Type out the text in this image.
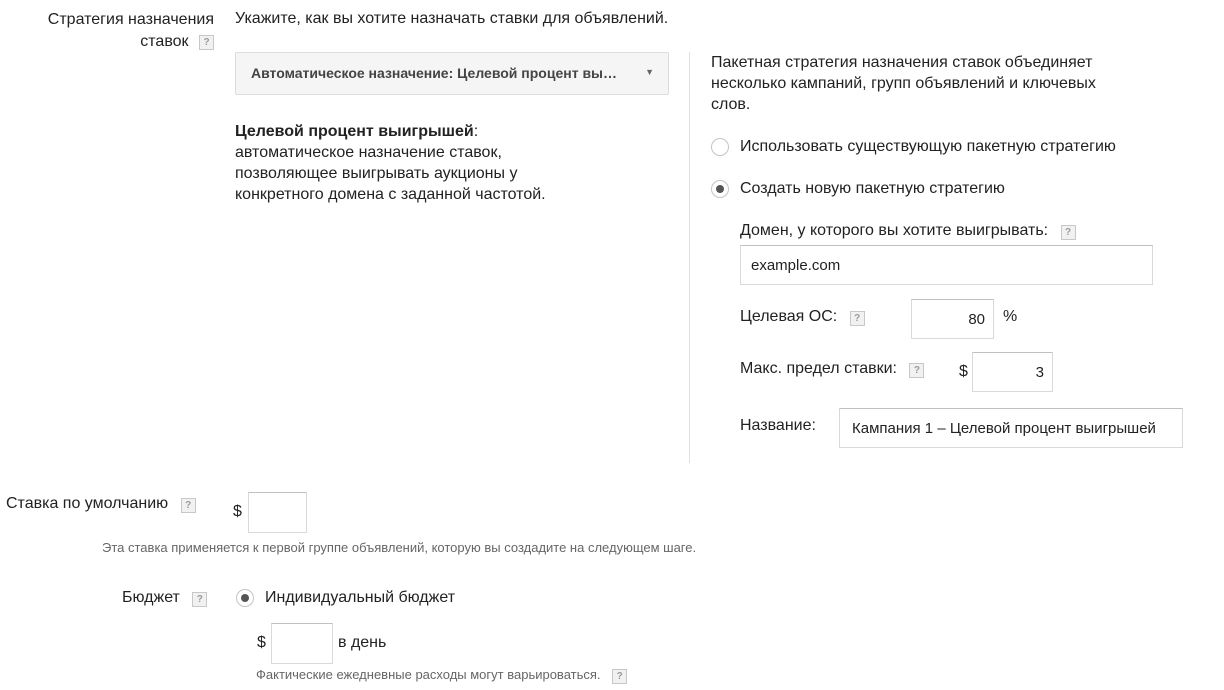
Стратегия назначения
ставок ?
Укажите, как вы хотите назначать ставки для объявлений.
Автоматическое назначение: Целевой процент вы…	▼
Целевой процент выигрышей:
автоматическое назначение ставок,
позволяющее выигрывать аукционы у
конкретного домена с заданной частотой.
Пакетная стратегия назначения ставок объединяет
несколько кампаний, групп объявлений и ключевых
слов.
Использовать существующую пакетную стратегию
Создать новую пакетную стратегию
Домен, у которого вы хотите выигрывать: ?
example.com
Целевая ОС: ?
80	%
Макс. предел ставки: ? $
3
Название:
Кампания 1 – Целевой процент выигрышей
Ставка по умолчанию ?	$
Эта ставка применяется к первой группе объявлений, которую вы создадите на следующем шаге.
Бюджет ?	Индивидуальный бюджет
$	в день
Фактические ежедневные расходы могут варьироваться. ?
